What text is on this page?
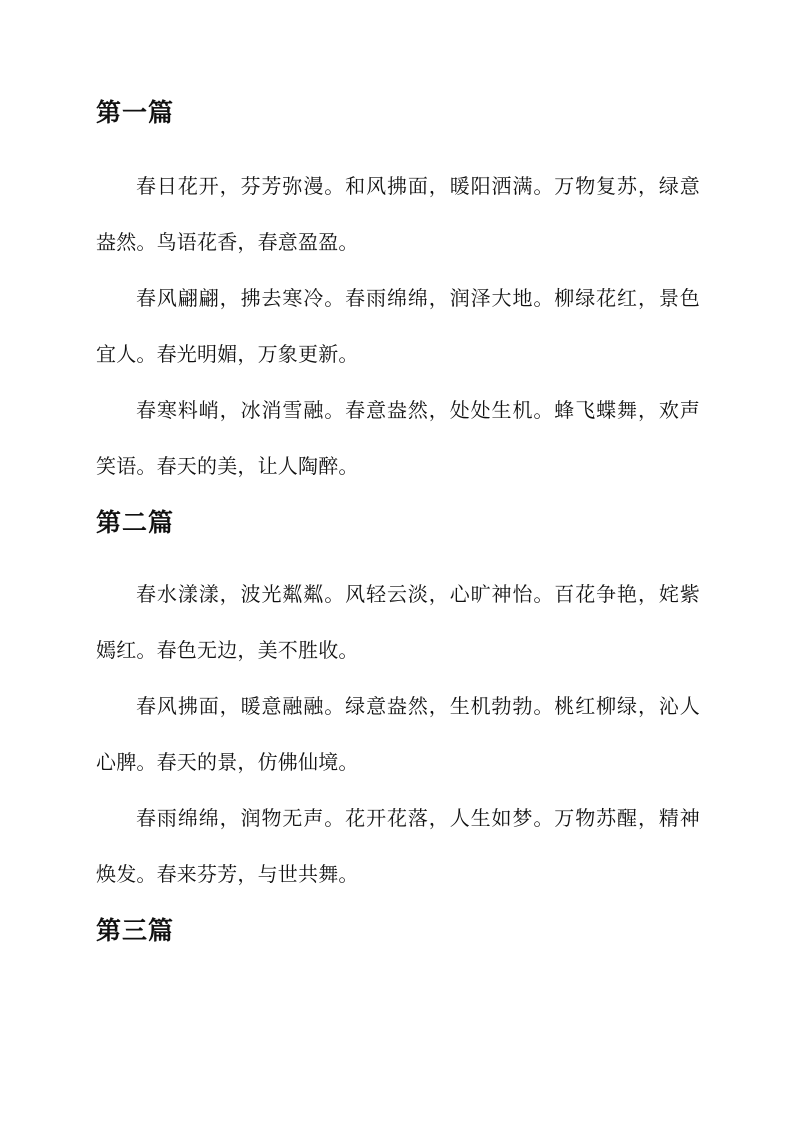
第一篇

春日花开，芬芳弥漫。和风拂面，暖阳洒满。万物复苏，绿意盎然。鸟语花香，春意盈盈。

春风翩翩，拂去寒冷。春雨绵绵，润泽大地。柳绿花红，景色宜人。春光明媚，万象更新。

春寒料峭，冰消雪融。春意盎然，处处生机。蜂飞蝶舞，欢声笑语。春天的美，让人陶醉。

第二篇

春水漾漾，波光粼粼。风轻云淡，心旷神怡。百花争艳，姹紫嫣红。春色无边，美不胜收。

春风拂面，暖意融融。绿意盎然，生机勃勃。桃红柳绿，沁人心脾。春天的景，仿佛仙境。

春雨绵绵，润物无声。花开花落，人生如梦。万物苏醒，精神焕发。春来芬芳，与世共舞。

第三篇
